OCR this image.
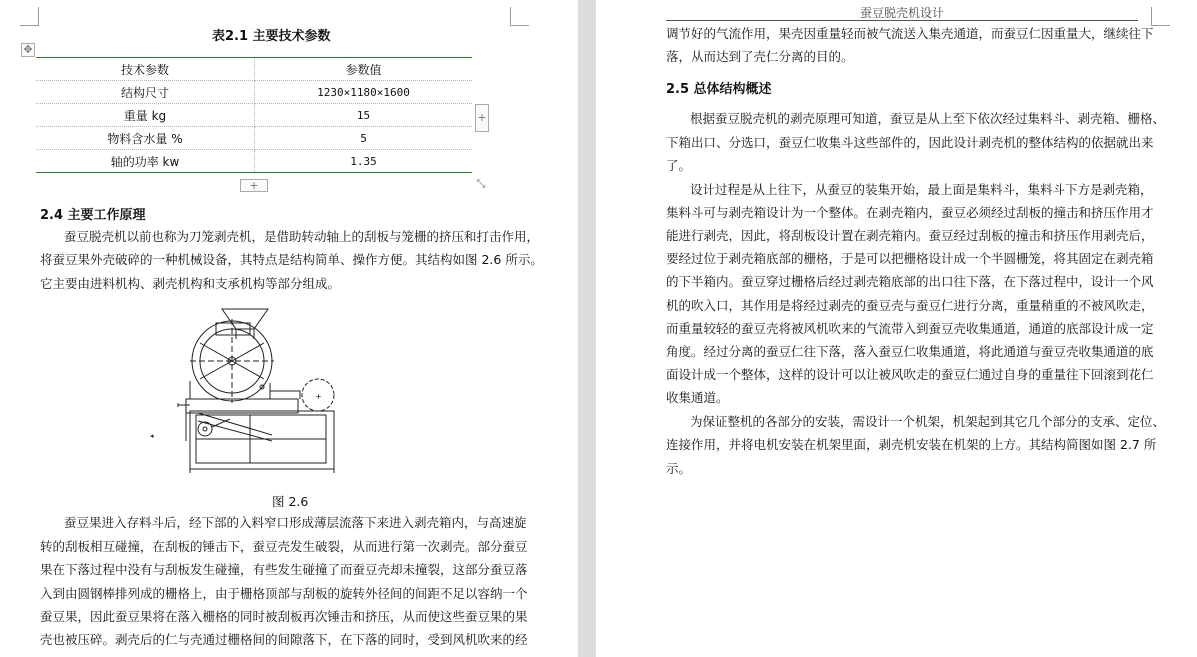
表2.1 主要技术参数
✥
技术参数	参数值
结构尺寸	1230×1180×1600
重量 kg	15
物料含水量 %	5
轴的功率 kw	1.35
+
+	⤡
2.4 主要工作原理
蚕豆脱壳机以前也称为刀笼剥壳机，是借助转动轴上的刮板与笼栅的挤压和打击作用，
将蚕豆果外壳破碎的一种机械设备，其特点是结构简单、操作方便。其结构如图 2.6 所示。
它主要由进料机构、剥壳机构和支承机构等部分组成。
+
◂
图 2.6
蚕豆果进入存料斗后，经下部的入料窄口形成薄层流落下来进入剥壳箱内，与高速旋
转的刮板相互碰撞，在刮板的锤击下，蚕豆壳发生破裂，从而进行第一次剥壳。部分蚕豆
果在下落过程中没有与刮板发生碰撞，有些发生碰撞了而蚕豆壳却未撞裂，这部分蚕豆落
入到由圆钢棒排列成的栅格上，由于栅格顶部与刮板的旋转外径间的间距不足以容纳一个
蚕豆果，因此蚕豆果将在落入栅格的同时被刮板再次锤击和挤压，从而使这些蚕豆果的果
壳也被压碎。剥壳后的仁与壳通过栅格间的间隙落下，在下落的同时，受到风机吹来的经
蚕豆脱壳机设计
调节好的气流作用，果壳因重量轻而被气流送入集壳通道，而蚕豆仁因重量大，继续往下
落，从而达到了壳仁分离的目的。
2.5 总体结构概述
根据蚕豆脱壳机的剥壳原理可知道，蚕豆是从上至下依次经过集料斗、剥壳箱、栅格、
下箱出口、分选口，蚕豆仁收集斗这些部件的，因此设计剥壳机的整体结构的依据就出来
了。
设计过程是从上往下，从蚕豆的装集开始，最上面是集料斗，集料斗下方是剥壳箱，
集料斗可与剥壳箱设计为一个整体。在剥壳箱内，蚕豆必须经过刮板的撞击和挤压作用才
能进行剥壳，因此，将刮板设计置在剥壳箱内。蚕豆经过刮板的撞击和挤压作用剥壳后，
要经过位于剥壳箱底部的栅格，于是可以把栅格设计成一个半圆栅笼，将其固定在剥壳箱
的下半箱内。蚕豆穿过栅格后经过剥壳箱底部的出口往下落，在下落过程中，设计一个风
机的吹入口，其作用是将经过剥壳的蚕豆壳与蚕豆仁进行分离，重量稍重的不被风吹走，
而重量较轻的蚕豆壳将被风机吹来的气流带入到蚕豆壳收集通道，通道的底部设计成一定
角度。经过分离的蚕豆仁往下落，落入蚕豆仁收集通道，将此通道与蚕豆壳收集通道的底
面设计成一个整体，这样的设计可以让被风吹走的蚕豆仁通过自身的重量往下回滚到花仁
收集通道。
为保证整机的各部分的安装，需设计一个机架，机架起到其它几个部分的支承、定位、
连接作用，并将电机安装在机架里面，剥壳机安装在机架的上方。其结构简图如图 2.7 所
示。
